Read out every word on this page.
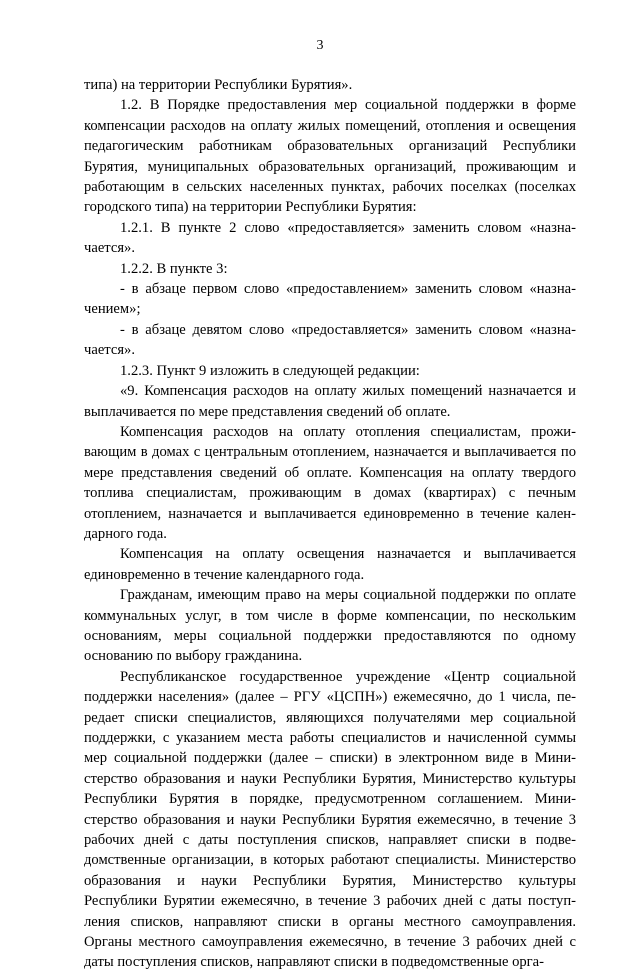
3

типа) на территории Республики Бурятия».

1.2. В Порядке предоставления мер социальной поддержки в форме компенсации расходов на оплату жилых помещений, отопления и освещения педагогическим работникам образовательных организаций Республики Бурятия, муниципальных образовательных организаций, проживающим и работающим в сельских населенных пунктах, рабочих поселках (поселках городского типа) на территории Республики Бурятия:

1.2.1. В пункте 2 слово «предоставляется» заменить словом «назначается».

1.2.2. В пункте 3:

- в абзаце первом слово «предоставлением» заменить словом «назначением»;

- в абзаце девятом слово «предоставляется» заменить словом «назначается».

1.2.3. Пункт 9 изложить в следующей редакции:

«9. Компенсация расходов на оплату жилых помещений назначается и выплачивается по мере представления сведений об оплате.

Компенсация расходов на оплату отопления специалистам, проживающим в домах с центральным отоплением, назначается и выплачивается по мере представления сведений об оплате. Компенсация на оплату твердого топлива специалистам, проживающим в домах (квартирах) с печным отоплением, назначается и выплачивается единовременно в течение календарного года.

Компенсация на оплату освещения назначается и выплачивается единовременно в течение календарного года.

Гражданам, имеющим право на меры социальной поддержки по оплате коммунальных услуг, в том числе в форме компенсации, по нескольким основаниям, меры социальной поддержки предоставляются по одному основанию по выбору гражданина.

Республиканское государственное учреждение «Центр социальной поддержки населения» (далее – РГУ «ЦСПН») ежемесячно, до 1 числа, передает списки специалистов, являющихся получателями мер социальной поддержки, с указанием места работы специалистов и начисленной суммы мер социальной поддержки (далее – списки) в электронном виде в Министерство образования и науки Республики Бурятия, Министерство культуры Республики Бурятия в порядке, предусмотренном соглашением. Министерство образования и науки Республики Бурятия ежемесячно, в течение 3 рабочих дней с даты поступления списков, направляет списки в подведомственные организации, в которых работают специалисты. Министерство образования и науки Республики Бурятия, Министерство культуры Республики Бурятии ежемесячно, в течение 3 рабочих дней с даты поступления списков, направляют списки в органы местного самоуправления. Органы местного самоуправления ежемесячно, в течение 3 рабочих дней с даты поступления списков, направляют списки в подведомственные орга-
